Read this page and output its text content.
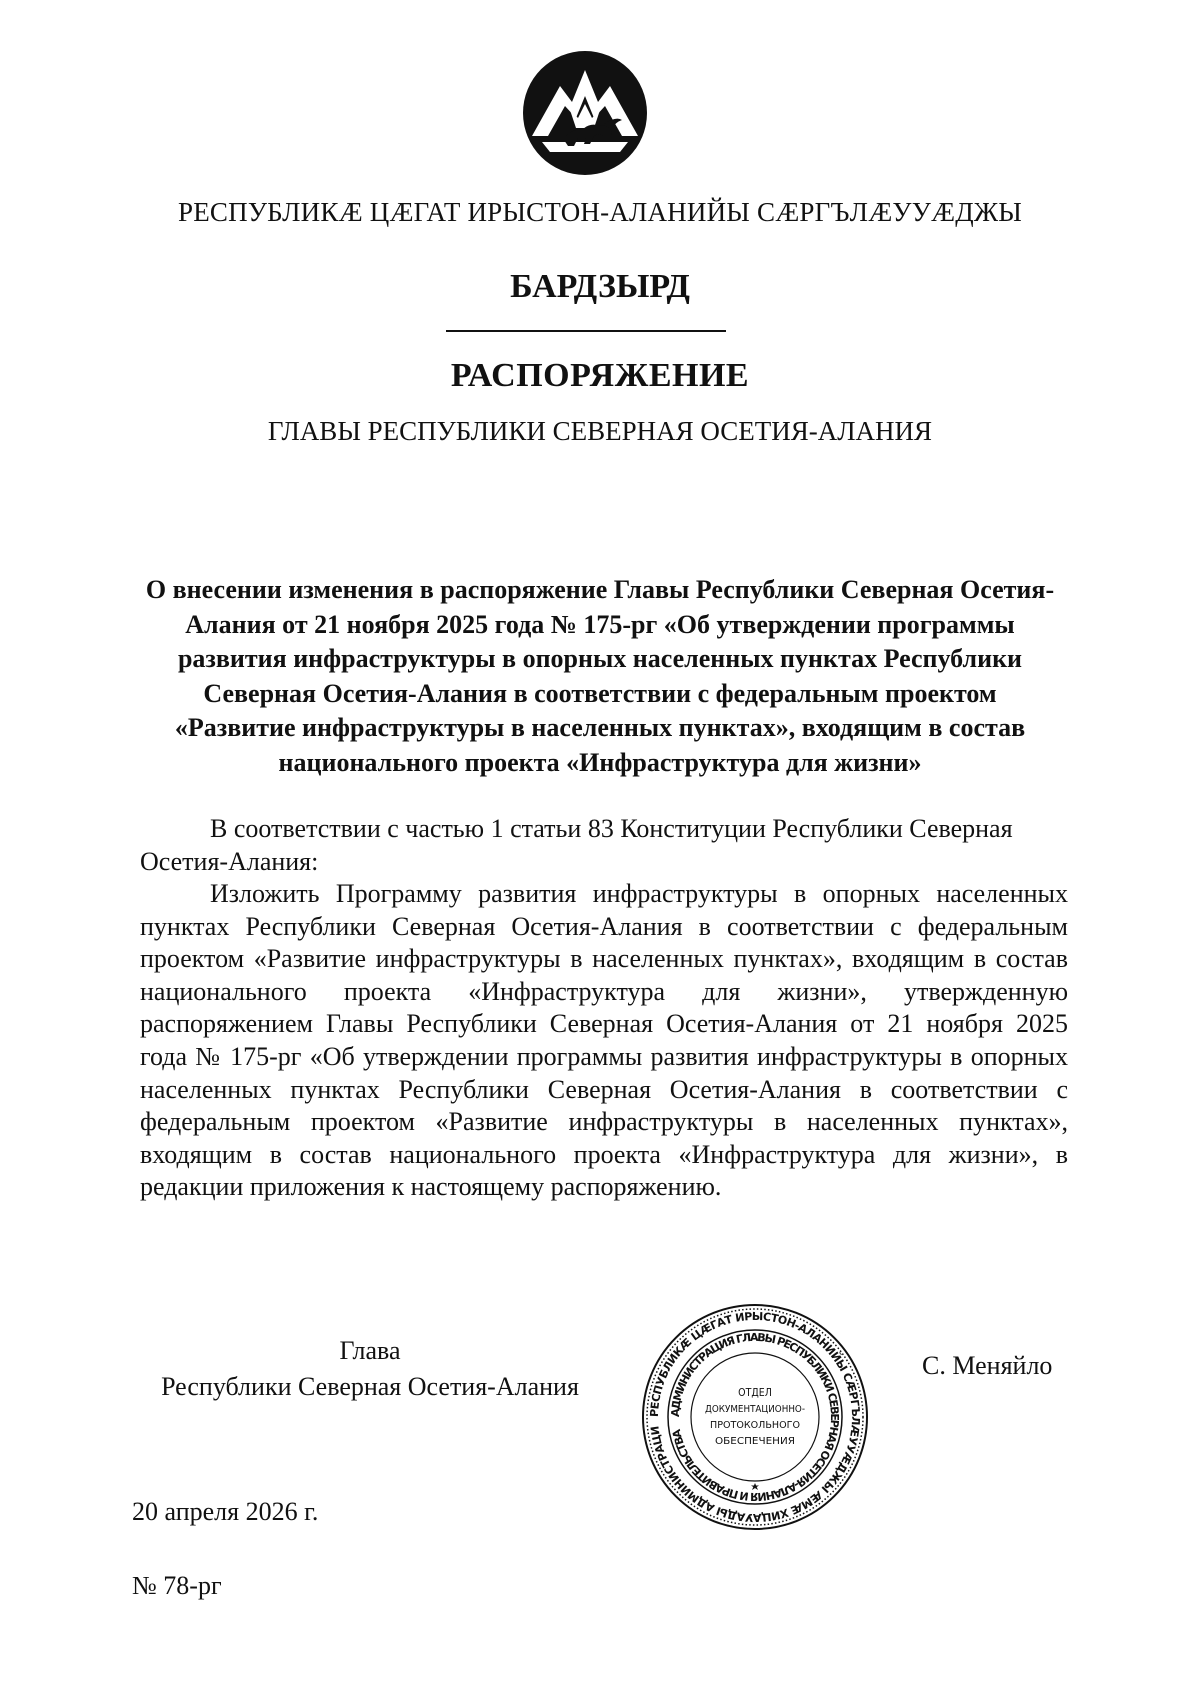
РЕСПУБЛИКӔ ЦӔГАТ ИРЫСТОН-АЛАНИЙЫ СӔРГЪЛӔУУӔДЖЫ
БАРДЗЫРД
РАСПОРЯЖЕНИЕ
ГЛАВЫ РЕСПУБЛИКИ СЕВЕРНАЯ ОСЕТИЯ-АЛАНИЯ
О внесении изменения в распоряжение Главы Республики Северная Осетия-Алания от 21 ноября 2025 года № 175-рг «Об утверждении программы развития инфраструктуры в опорных населенных пунктах Республики Северная Осетия-Алания в соответствии с федеральным проектом «Развитие инфраструктуры в населенных пунктах», входящим в состав национального проекта «Инфраструктура для жизни»
В соответствии с частью 1 статьи 83 Конституции Республики Северная Осетия-Алания:
Изложить Программу развития инфраструктуры в опорных населенных пунктах Республики Северная Осетия-Алания в соответствии с федеральным проектом «Развитие инфраструктуры в населенных пунктах», входящим в состав национального проекта «Инфраструктура для жизни», утвержденную распоряжением Главы Республики Северная Осетия-Алания от 21 ноября 2025 года № 175-рг «Об утверждении программы развития инфраструктуры в опорных населенных пунктах Республики Северная Осетия-Алания в соответствии с федеральным проектом «Развитие инфраструктуры в населенных пунктах», входящим в состав национального проекта «Инфраструктура для жизни», в редакции приложения к настоящему распоряжению.
Глава
Республики Северная Осетия-Алания
РЕСПУБЛИКӔ ЦӔГАТ ИРЫСТОН-АЛАНИЙЫ СӔРГЪЛӔУУӔДЖЫ ӔМӔ ХИЦАУАДЫ АДМИНИСТРАЦИ
АДМИНИСТРАЦИЯ ГЛАВЫ РЕСПУБЛИКИ СЕВЕРНАЯ ОСЕТИЯ-АЛАНИЯ И ПРАВИТЕЛЬСТВА
ОТДЕЛ
ДОКУМЕНТАЦИОННО-
ПРОТОКОЛЬНОГО
ОБЕСПЕЧЕНИЯ
С. Меняйло
20 апреля 2026 г.
№ 78-рг
